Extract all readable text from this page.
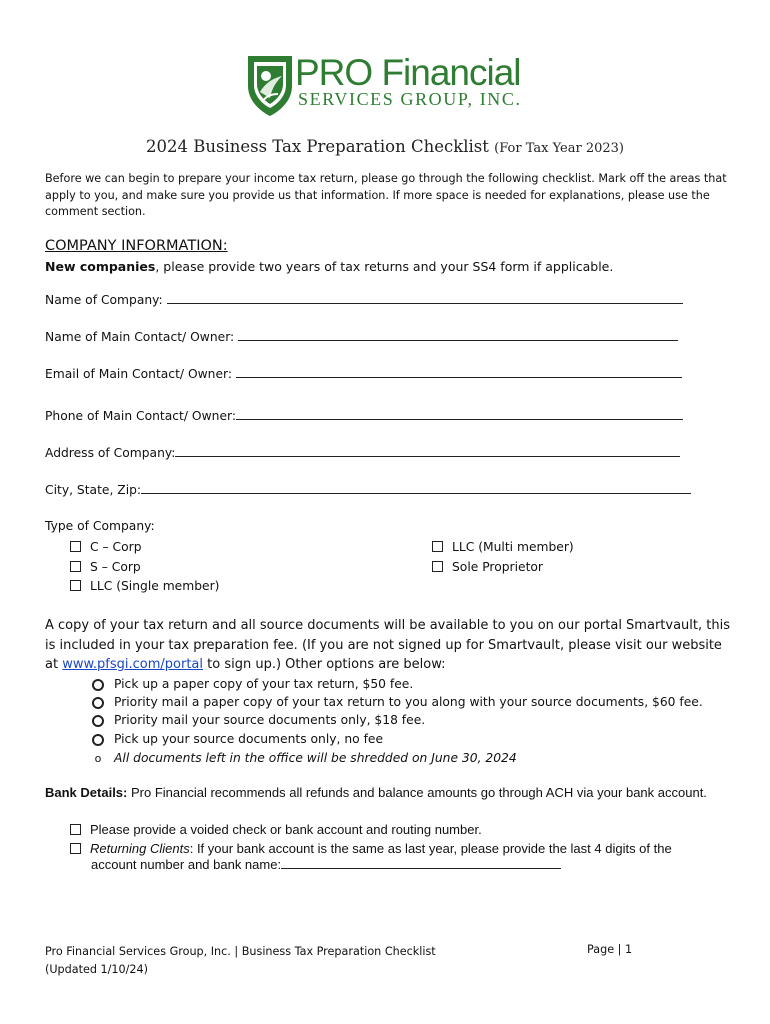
PRO Financial
SERVICES GROUP, INC.
2024 Business Tax Preparation Checklist (For Tax Year 2023)
Before we can begin to prepare your income tax return, please go through the following checklist. Mark off the areas that apply to you, and make sure you provide us that information. If more space is needed for explanations, please use the comment section.
COMPANY INFORMATION:
New companies, please provide two years of tax returns and your SS4 form if applicable.
Name of Company:
Name of Main Contact/ Owner:
Email of Main Contact/ Owner:
Phone of Main Contact/ Owner:
Address of Company:
City, State, Zip:
Type of Company:
C – Corp
S – Corp
LLC (Single member)
LLC (Multi member)
Sole Proprietor
A copy of your tax return and all source documents will be available to you on our portal Smartvault, this is included in your tax preparation fee. (If you are not signed up for Smartvault, please visit our website at www.pfsgi.com/portal to sign up.) Other options are below:
Pick up a paper copy of your tax return, $50 fee.
Priority mail a paper copy of your tax return to you along with your source documents, $60 fee.
Priority mail your source documents only, $18 fee.
Pick up your source documents only, no fee
o All documents left in the office will be shredded on June 30, 2024
Bank Details: Pro Financial recommends all refunds and balance amounts go through ACH via your bank account.
Please provide a voided check or bank account and routing number.
Returning Clients: If your bank account is the same as last year, please provide the last 4 digits of the
account number and bank name:
Pro Financial Services Group, Inc. | Business Tax Preparation Checklist
(Updated 1/10/24)
Page | 1
